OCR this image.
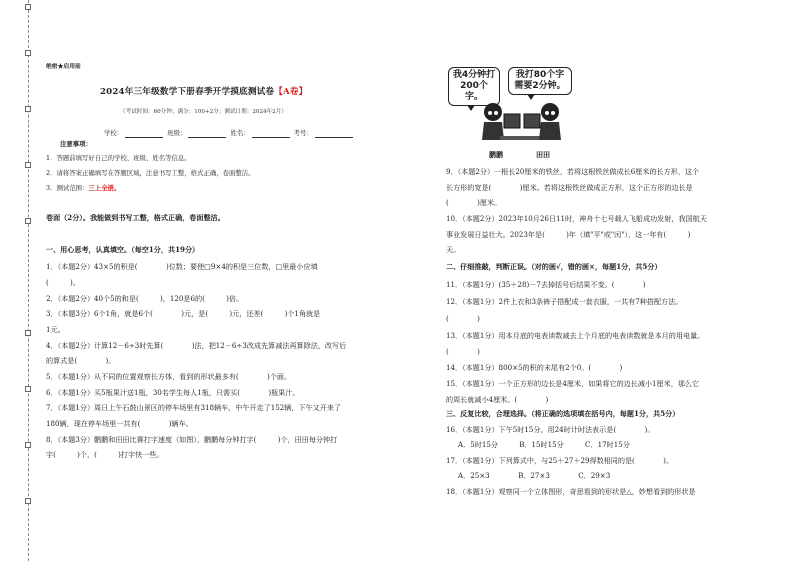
绝密★启用前
2024年三年级数学下册春季开学摸底测试卷【A卷】
（考试时间：60分钟；满分：100+2分；测试日期：2024年2月）
学校：	班级：	姓名：	考号：
注意事项：
1．答题前填写好自己的学校、班级、姓名等信息。
2．请将答案正确填写在答题区域，注意书写工整，格式正确，卷面整洁。
3．测试范围：三上全册。
卷面（2分）。我能做到书写工整，格式正确，卷面整洁。
一、用心思考，认真填空。（每空1分，共19分）
1．（本题2分）43×5的积是(　　　　)位数；要使□9×4的积是三位数，□里最小应填
(　　　)。
2．（本题2分）40个5的和是(　　　)，120是6的(　　　)倍。
3．（本题3分）6个1角，就是6个(　　　　)元，是(　　　)元，还差(　　　)个1角就是
1元。
4．（本题2分）计算12－6÷3时先算(　　　　)法，把12－6÷3改成先算减法再算除法，改写后
的算式是(　　　　)。
5．（本题1分）从不同的位置观察长方体，看到的形状最多有(　　　　)个面。
6．（本题1分）买5瓶果汁送1瓶，30名学生每人1瓶，只需买(　　　　)瓶果汁。
7．（本题1分）周日上午石鼓山景区的停车场里有318辆车，中午开走了152辆，下午又开来了
180辆，现在停车场里一共有(　　　　)辆车。
8．（本题3分）鹏鹏和田田比赛打字速度（如图），鹏鹏每分钟打字(　　　)个，田田每分钟打
字(　　　)个，(　　　)打字快一些。
我4分钟打
200个字。
我打80个字
需要2分钟。
鹏鹏	田田
9．（本题2分）一根长20厘米的铁丝，若将这根铁丝做成长6厘米的长方形，这个
长方形的宽是(　　　　)厘米。若将这根铁丝做成正方形，这个正方形的边长是
(　　　　)厘米。
10．（本题2分）2023年10月26日11时，神舟十七号载人飞船成功发射，我国航天
事业发展日益壮大。2023年是(　　　)年（填"平"或"闰"），这一年有(　　　)
天。
二、仔细推敲，判断正误。（对的画√，错的画×，每题1分，共5分）
11．（本题1分）(35＋28)－7去掉括号后结果不变。(　　　　)
12．（本题1分）2件上衣和3条裤子搭配成一套衣服，一共有7种搭配方法。
(　　　　)
13．（本题1分）用本月底的电表读数减去上个月底的电表读数就是本月的用电量。
(　　　　)
14．（本题1分）800×5的积的末尾有2个0。(　　　　)
15．（本题1分）一个正方形的边长是4厘米，如果将它的边长减小1厘米，那么它
的周长就减小4厘米。(　　　　)
三、反复比较，合理选择。（将正确的选项填在括号内，每题1分，共5分）
16．（本题1分）下午5时15分，用24时计时法表示是(　　　　)。
A．5时15分　　　B．15时15分　　　C．17时15分
17．（本题1分）下列算式中，与25＋27＋29得数相同的是(　　　　)。
A．25×3　　　　B．27×3　　　　C．29×3
18．（本题1分）观察同一个立体图形，奇思看到的形状是△，妙想看到的形状是
